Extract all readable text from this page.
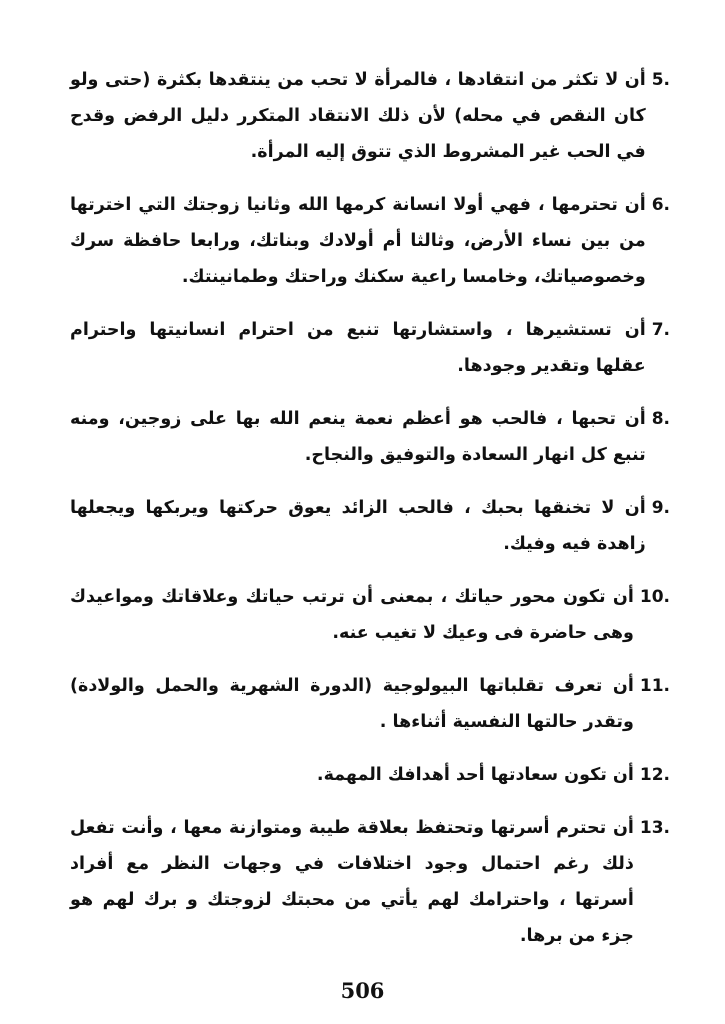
5.
أن لا تكثر من انتقادها ، فالمرأة لا تحب من ينتقدها بكثرة (حتى ولو كان النقص في محله) لأن ذلك الانتقاد المتكرر دليل الرفض وقدح في الحب غير المشروط الذي تتوق إليه المرأة.
6.
أن تحترمها ، فهي أولا انسانة كرمها الله وثانيا زوجتك التي اخترتها من بين نساء الأرض، وثالثا أم أولادك وبناتك، ورابعا حافظة سرك وخصوصياتك، وخامسا راعية سكنك وراحتك وطمانينتك.
7.
أن تستشيرها ، واستشارتها تنبع من احترام انسانيتها واحترام عقلها وتقدير وجودها.
8.
أن تحبها ، فالحب هو أعظم نعمة ينعم الله بها على زوجين، ومنه تنبع كل انهار السعادة والتوفيق والنجاح.
9.
أن لا تخنقها بحبك ، فالحب الزائد يعوق حركتها ويربكها ويجعلها زاهدة فيه وفيك.
10.
أن تكون محور حياتك ، بمعنى أن ترتب حياتك وعلاقاتك ومواعيدك وهى حاضرة فى وعيك لا تغيب عنه.
11.
أن تعرف تقلباتها البيولوجية (الدورة الشهرية والحمل والولادة) وتقدر حالتها النفسية أثناءها .
12.
أن تكون سعادتها أحد أهدافك المهمة.
13.
أن تحترم أسرتها وتحتفظ بعلاقة طيبة ومتوازنة معها ، وأنت تفعل ذلك رغم احتمال وجود اختلافات في وجهات النظر مع أفراد أسرتها ، واحترامك لهم يأتي من محبتك لزوجتك و برك لهم هو جزء من برها.
506
